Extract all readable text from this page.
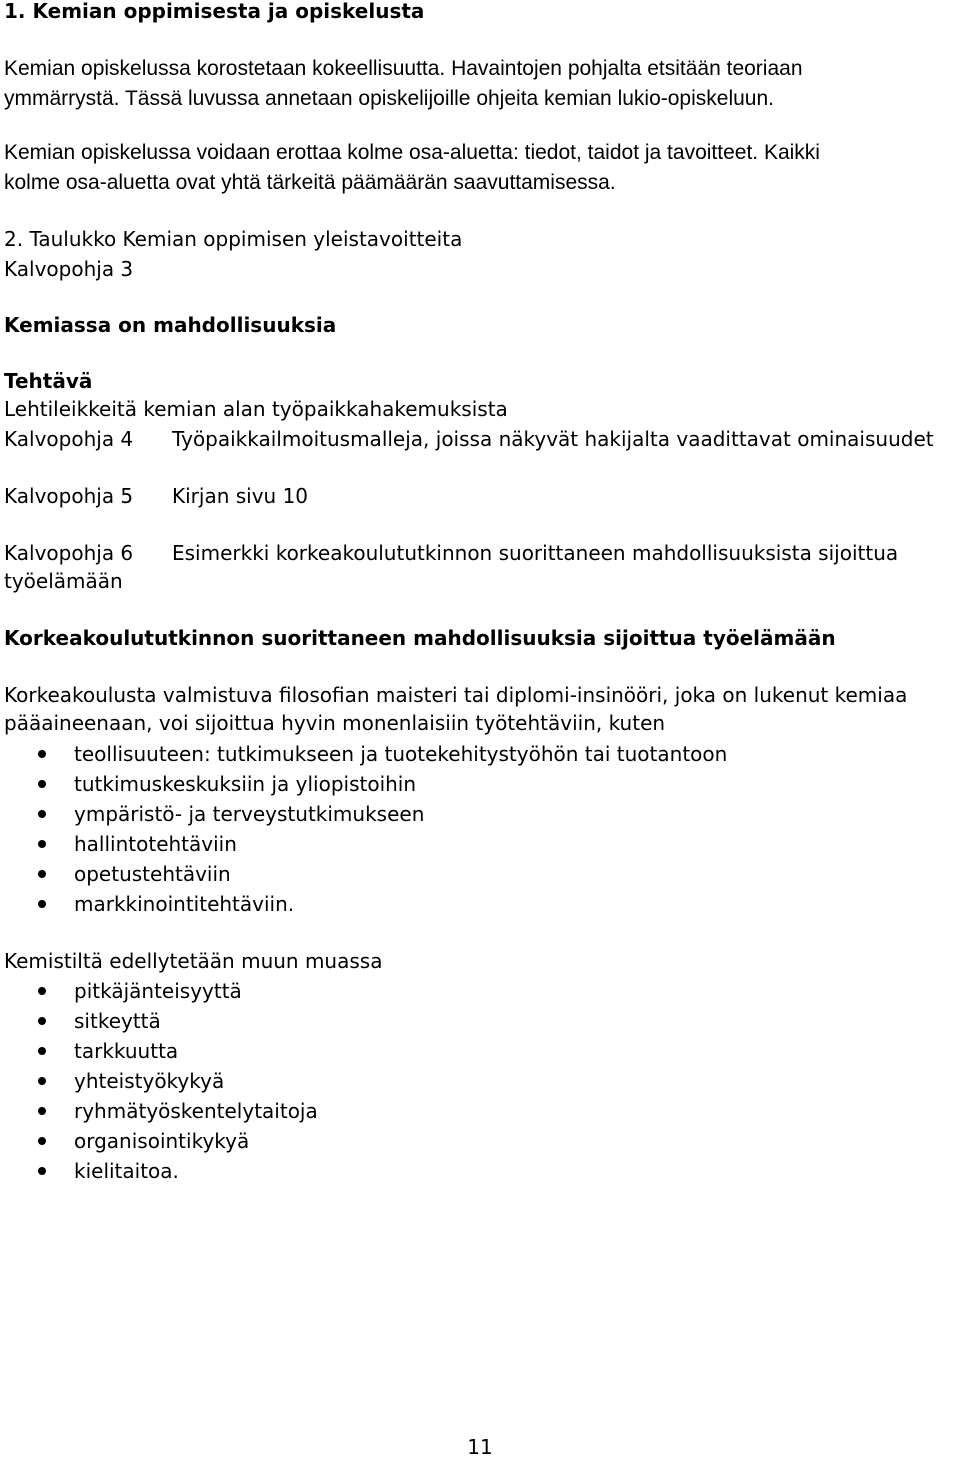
1. Kemian oppimisesta ja opiskelusta
Kemian opiskelussa korostetaan kokeellisuutta. Havaintojen pohjalta etsitään teoriaan
ymmärrystä. Tässä luvussa annetaan opiskelijoille ohjeita kemian lukio-opiskeluun.
Kemian opiskelussa voidaan erottaa kolme osa-aluetta: tiedot, taidot ja tavoitteet. Kaikki
kolme osa-aluetta ovat yhtä tärkeitä päämäärän saavuttamisessa.
2. Taulukko Kemian oppimisen yleistavoitteita
Kalvopohja 3
Kemiassa on mahdollisuuksia
Tehtävä
Lehtileikkeitä kemian alan työpaikkahakemuksista
Kalvopohja 4 Työpaikkailmoitusmalleja, joissa näkyvät hakijalta vaadittavat ominaisuudet
Kalvopohja 5 Kirjan sivu 10
Kalvopohja 6 Esimerkki korkeakoulututkinnon suorittaneen mahdollisuuksista sijoittua
työelämään
Korkeakoulututkinnon suorittaneen mahdollisuuksia sijoittua työelämään
Korkeakoulusta valmistuva filosofian maisteri tai diplomi-insinööri, joka on lukenut kemiaa
pääaineenaan, voi sijoittua hyvin monenlaisiin työtehtäviin, kuten
teollisuuteen: tutkimukseen ja tuotekehitystyöhön tai tuotantoon
tutkimuskeskuksiin ja yliopistoihin
ympäristö- ja terveystutkimukseen
hallintotehtäviin
opetustehtäviin
markkinointitehtäviin.
Kemistiltä edellytetään muun muassa
pitkäjänteisyyttä
sitkeyttä
tarkkuutta
yhteistyökykyä
ryhmätyöskentelytaitoja
organisointikykyä
kielitaitoa.
11
